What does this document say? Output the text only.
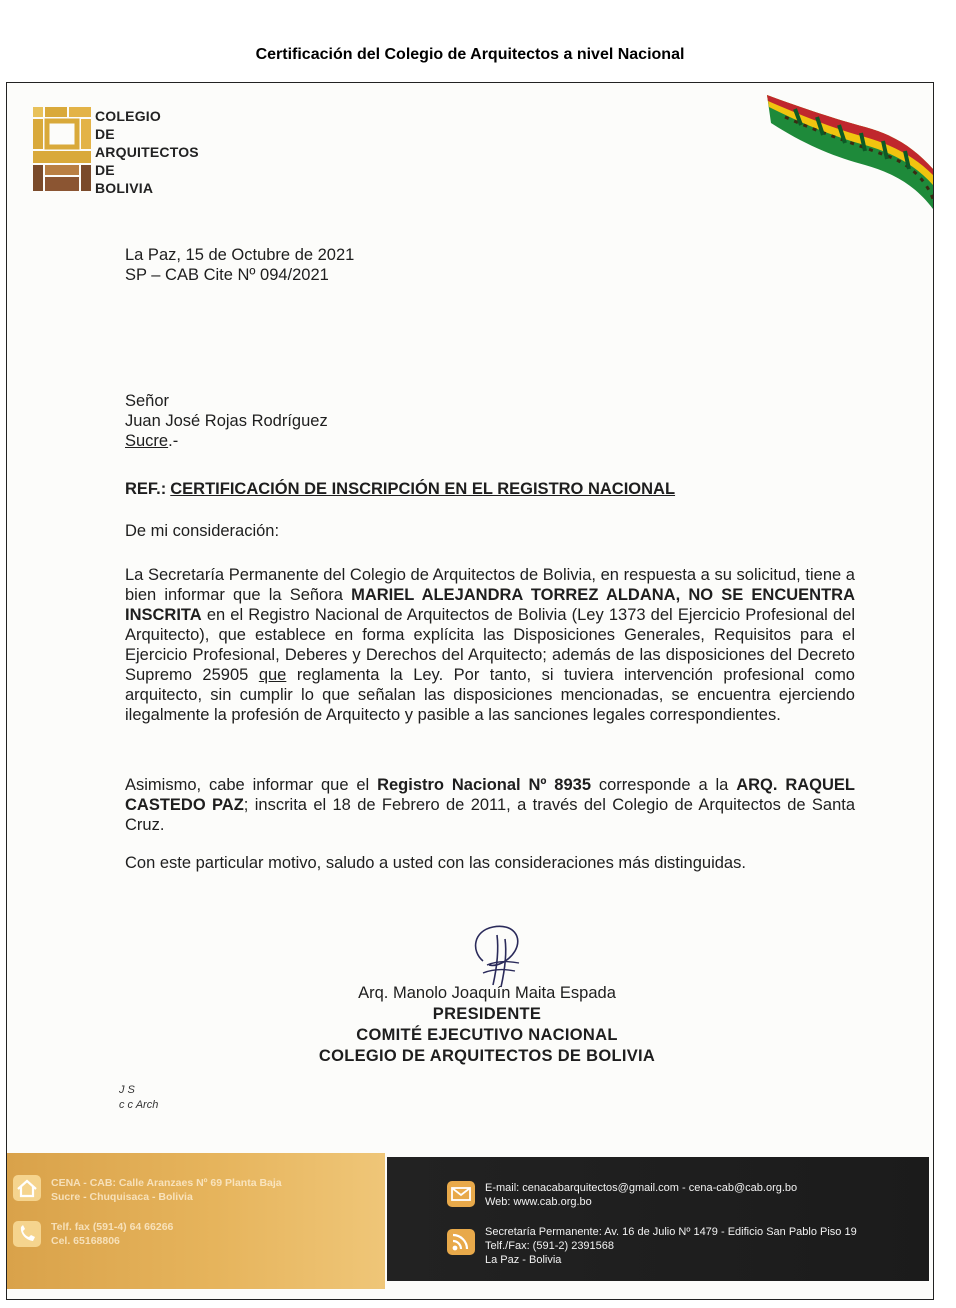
Certificación del Colegio de Arquitectos a nivel Nacional
COLEGIO
DE
ARQUITECTOS
DE
BOLIVIA
La Paz, 15 de Octubre de 2021
SP – CAB Cite Nº 094/2021
Señor
Juan José Rojas Rodríguez
Sucre.-
REF.: CERTIFICACIÓN DE INSCRIPCIÓN EN EL REGISTRO NACIONAL
De mi consideración:
La Secretaría Permanente del Colegio de Arquitectos de Bolivia, en respuesta a su solicitud, tiene a bien informar que la Señora MARIEL ALEJANDRA TORREZ ALDANA, NO SE ENCUENTRA INSCRITA en el Registro Nacional de Arquitectos de Bolivia (Ley 1373 del Ejercicio Profesional del Arquitecto), que establece en forma explícita las Disposiciones Generales, Requisitos para el Ejercicio Profesional, Deberes y Derechos del Arquitecto; además de las disposiciones del Decreto Supremo 25905 que reglamenta la Ley. Por tanto, si tuviera intervención profesional como arquitecto, sin cumplir lo que señalan las disposiciones mencionadas, se encuentra ejerciendo ilegalmente la profesión de Arquitecto y pasible a las sanciones legales correspondientes.
Asimismo, cabe informar que el Registro Nacional Nº 8935 corresponde a la ARQ. RAQUEL CASTEDO PAZ; inscrita el 18 de Febrero de 2011, a través del Colegio de Arquitectos de Santa Cruz.
Con este particular motivo, saludo a usted con las consideraciones más distinguidas.
Arq. Manolo Joaquín Maita Espada
PRESIDENTE
COMITÉ EJECUTIVO NACIONAL
COLEGIO DE ARQUITECTOS DE BOLIVIA
J S
c c Arch
CENA - CAB: Calle Aranzaes Nº 69 Planta Baja
Sucre - Chuquisaca - Bolivia
Telf. fax (591-4) 64 66266
Cel. 65168806
E-mail: cenacabarquitectos@gmail.com - cena-cab@cab.org.bo
Web: www.cab.org.bo
Secretaría Permanente: Av. 16 de Julio Nº 1479 - Edificio San Pablo Piso 19
Telf./Fax: (591-2) 2391568
La Paz - Bolivia
